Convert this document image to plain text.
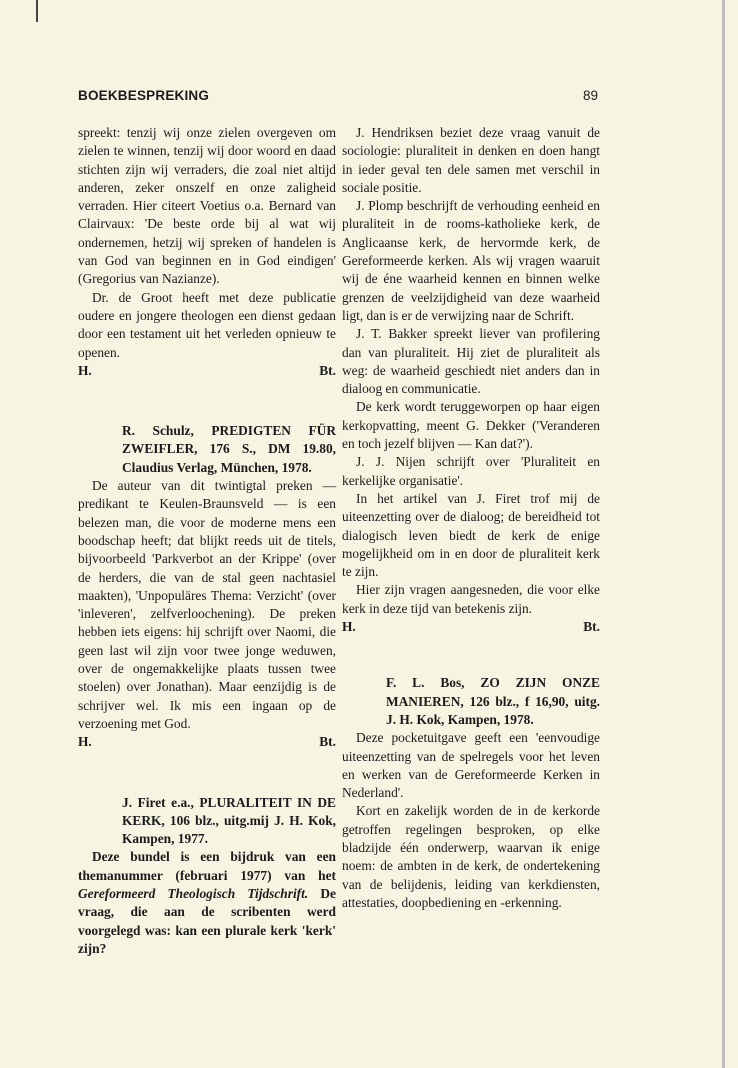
BOEKBESPREKING	89

spreekt: tenzij wij onze zielen overgeven om zielen te winnen, tenzij wij door woord en daad stichten zijn wij verraders, die zoal niet altijd anderen, zeker onszelf en onze zaligheid verraden. Hier citeert Voetius o.a. Bernard van Clairvaux: 'De beste orde bij al wat wij ondernemen, hetzij wij spreken of handelen is van God van beginnen en in God eindigen' (Gregorius van Nazianze).

Dr. de Groot heeft met deze publicatie oudere en jongere theologen een dienst gedaan door een testament uit het verleden opnieuw te openen.

H.	Bt.

R. Schulz, PREDIGTEN FÜR ZWEIFLER, 176 S., DM 19.80, Claudius Verlag, München, 1978.

De auteur van dit twintigtal preken — predikant te Keulen-Braunsveld — is een belezen man, die voor de moderne mens een boodschap heeft; dat blijkt reeds uit de titels, bijvoorbeeld 'Parkverbot an der Krippe' (over de herders, die van de stal geen nachtasiel maakten), 'Unpopuläres Thema: Verzicht' (over 'inleveren', zelfverloochening). De preken hebben iets eigens: hij schrijft over Naomi, die geen last wil zijn voor twee jonge weduwen, over de ongemakkelijke plaats tussen twee stoelen) over Jonathan). Maar eenzijdig is de schrijver wel. Ik mis een ingaan op de verzoening met God.

H.	Bt.

J. Firet e.a., PLURALITEIT IN DE KERK, 106 blz., uitg.mij J. H. Kok, Kampen, 1977.

Deze bundel is een bijdruk van een themanummer (februari 1977) van het Gereformeerd Theologisch Tijdschrift. De vraag, die aan de scribenten werd voorgelegd was: kan een plurale kerk 'kerk' zijn?

J. Hendriksen beziet deze vraag vanuit de sociologie: pluraliteit in denken en doen hangt in ieder geval ten dele samen met verschil in sociale positie.

J. Plomp beschrijft de verhouding eenheid en pluraliteit in de rooms-katholieke kerk, de Anglicaanse kerk, de hervormde kerk, de Gereformeerde kerken. Als wij vragen waaruit wij de éne waarheid kennen en binnen welke grenzen de veelzijdigheid van deze waarheid ligt, dan is er de verwijzing naar de Schrift.

J. T. Bakker spreekt liever van profilering dan van pluraliteit. Hij ziet de pluraliteit als weg: de waarheid geschiedt niet anders dan in dialoog en communicatie.

De kerk wordt teruggeworpen op haar eigen kerkopvatting, meent G. Dekker ('Veranderen en toch jezelf blijven — Kan dat?').

J. J. Nijen schrijft over 'Pluraliteit en kerkelijke organisatie'.

In het artikel van J. Firet trof mij de uiteenzetting over de dialoog; de bereidheid tot dialogisch leven biedt de kerk de enige mogelijkheid om in en door de pluraliteit kerk te zijn.

Hier zijn vragen aangesneden, die voor elke kerk in deze tijd van betekenis zijn.

H.	Bt.

F. L. Bos, ZO ZIJN ONZE MANIEREN, 126 blz., f 16,90, uitg. J. H. Kok, Kampen, 1978.

Deze pocketuitgave geeft een 'eenvoudige uiteenzetting van de spelregels voor het leven en werken van de Gereformeerde Kerken in Nederland'.

Kort en zakelijk worden de in de kerkorde getroffen regelingen besproken, op elke bladzijde één onderwerp, waarvan ik enige noem: de ambten in de kerk, de ondertekening van de belijdenis, leiding van kerkdiensten, attestaties, doopbediening en -erkenning.
